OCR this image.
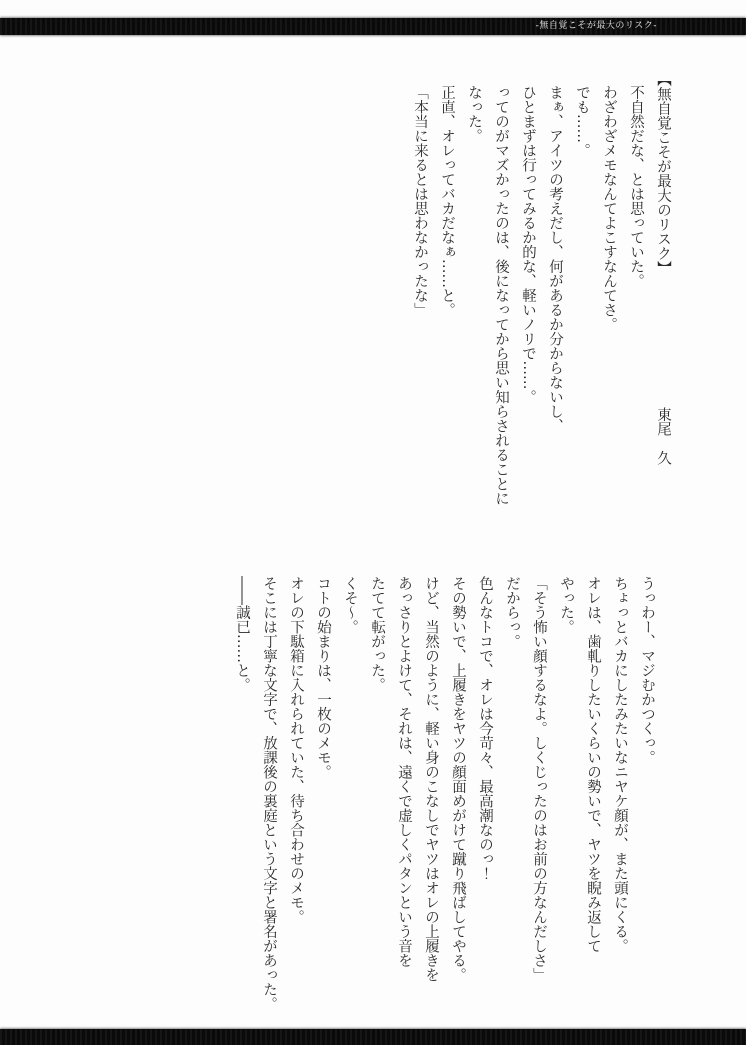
-無自覚こそが最大のリスク-

【無自覚こそが最大のリスク】東尾　久

不自然だな、とは思っていた。

わざわざメモなんてよこすなんてさ。

でも……。

まぁ、アイツの考えだし、何があるか分からないし、

ひとまずは行ってみるか的な、軽いノリで……。

ってのがマズかったのは、後になってから思い知らされることに

なった。

正直、オレってバカだなぁ……と。

「本当に来るとは思わなかったな」

うっわー、マジむかつくっ。

ちょっとバカにしたみたいなニヤケ顔が、また頭にくる。

オレは、歯軋りしたいくらいの勢いで、ヤツを睨み返して

やった。

「そう怖い顔するなよ。しくじったのはお前の方なんだしさ」

だからっ。

色んなトコで、オレは今苛々、最高潮なのっ！

その勢いで、上履きをヤツの顔面めがけて蹴り飛ばしてやる。

けど、当然のように、軽い身のこなしでヤツはオレの上履きを

あっさりとよけて、それは、遠くで虚しくパタンという音を

たてて転がった。

くそ～。

コトの始まりは、一枚のメモ。

オレの下駄箱に入れられていた、待ち合わせのメモ。

そこには丁寧な文字で、放課後の裏庭という文字と署名があった。

――誠已……と。
